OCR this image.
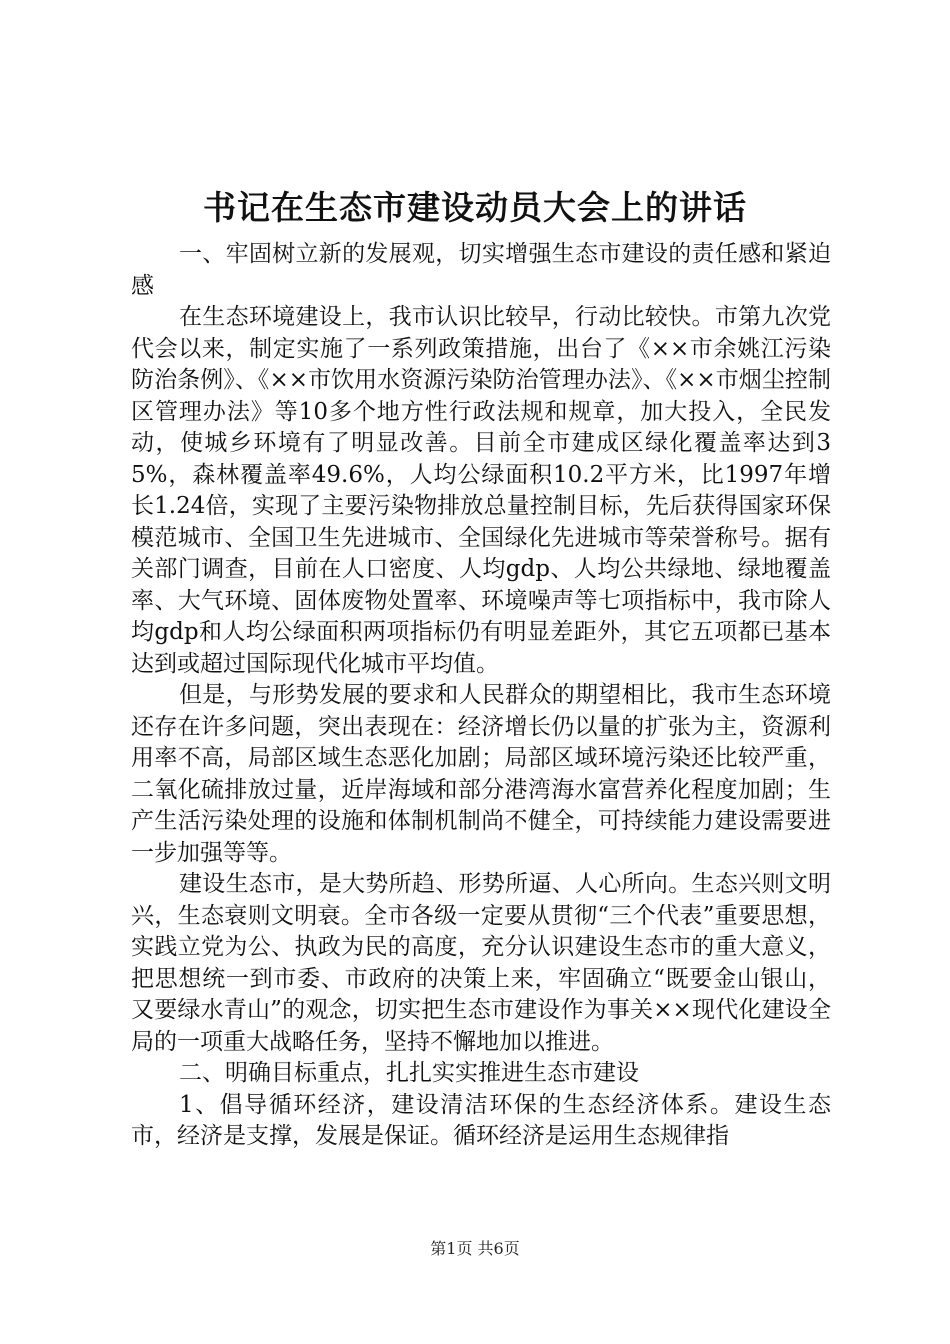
书记在生态市建设动员大会上的讲话

一、牢固树立新的发展观，切实增强生态市建设的责任感和紧迫感

在生态环境建设上，我市认识比较早，行动比较快。市第九次党代会以来，制定实施了一系列政策措施，出台了《××市余姚江污染防治条例》、《××市饮用水资源污染防治管理办法》、《××市烟尘控制区管理办法》等10多个地方性行政法规和规章，加大投入，全民发动，使城乡环境有了明显改善。目前全市建成区绿化覆盖率达到35%，森林覆盖率49.6%，人均公绿面积10.2平方米，比1997年增长1.24倍，实现了主要污染物排放总量控制目标，先后获得国家环保模范城市、全国卫生先进城市、全国绿化先进城市等荣誉称号。据有关部门调查，目前在人口密度、人均gdp、人均公共绿地、绿地覆盖率、大气环境、固体废物处置率、环境噪声等七项指标中，我市除人均gdp和人均公绿面积两项指标仍有明显差距外，其它五项都已基本达到或超过国际现代化城市平均值。

但是，与形势发展的要求和人民群众的期望相比，我市生态环境还存在许多问题，突出表现在：经济增长仍以量的扩张为主，资源利用率不高，局部区域生态恶化加剧；局部区域环境污染还比较严重，二氧化硫排放过量，近岸海域和部分港湾海水富营养化程度加剧；生产生活污染处理的设施和体制机制尚不健全，可持续能力建设需要进一步加强等等。

建设生态市，是大势所趋、形势所逼、人心所向。生态兴则文明兴，生态衰则文明衰。全市各级一定要从贯彻“三个代表”重要思想，实践立党为公、执政为民的高度，充分认识建设生态市的重大意义，把思想统一到市委、市政府的决策上来，牢固确立“既要金山银山，又要绿水青山”的观念，切实把生态市建设作为事关××现代化建设全局的一项重大战略任务，坚持不懈地加以推进。

二、明确目标重点，扎扎实实推进生态市建设

1、倡导循环经济，建设清洁环保的生态经济体系。建设生态市，经济是支撑，发展是保证。循环经济是运用生态规律指

第1页 共6页
